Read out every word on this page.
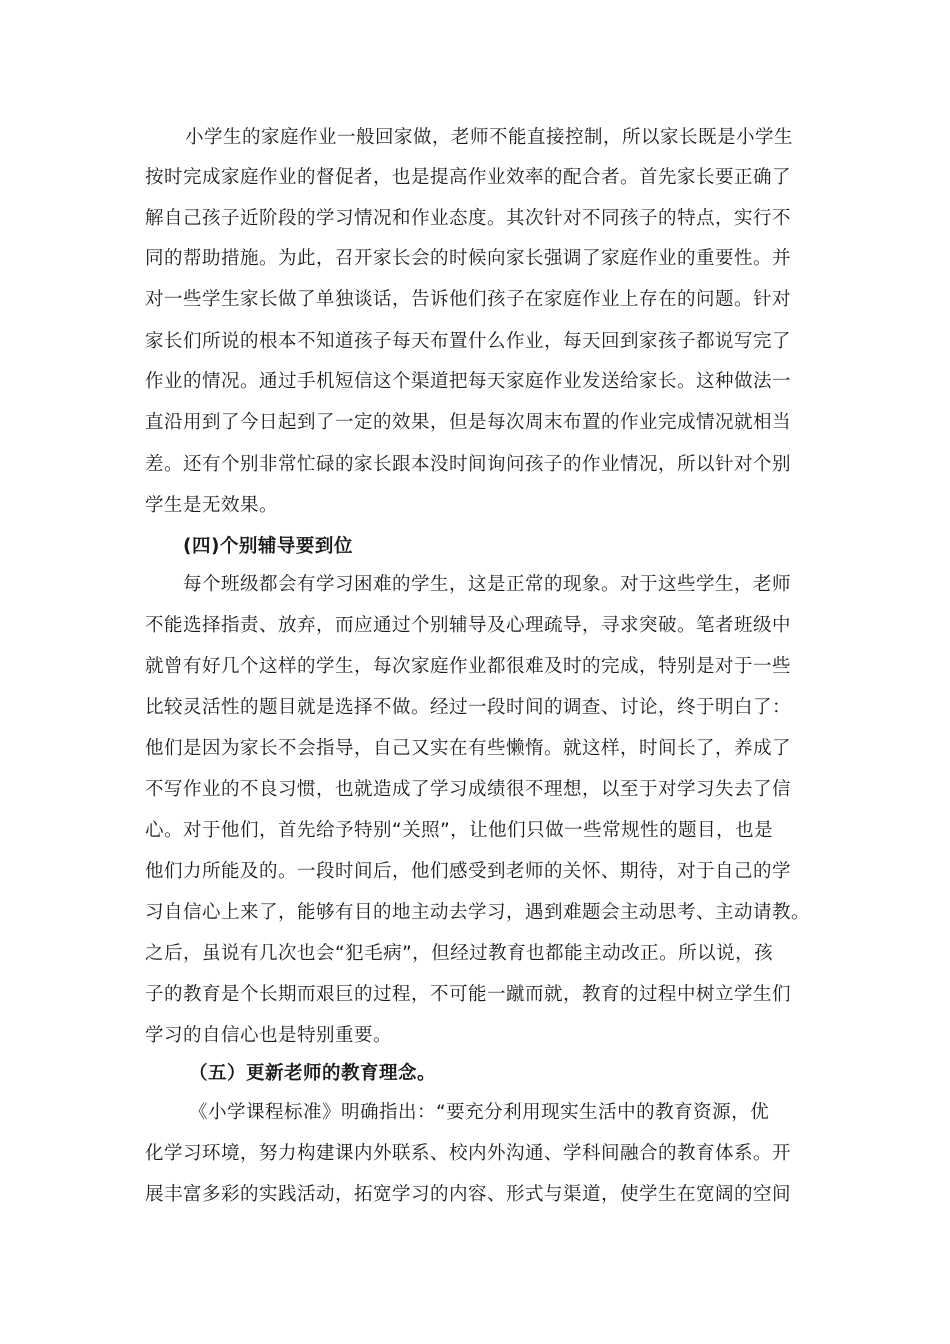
小学生的家庭作业一般回家做，老师不能直接控制，所以家长既是小学生
按时完成家庭作业的督促者，也是提高作业效率的配合者。首先家长要正确了
解自己孩子近阶段的学习情况和作业态度。其次针对不同孩子的特点，实行不
同的帮助措施。为此，召开家长会的时候向家长强调了家庭作业的重要性。并
对一些学生家长做了单独谈话，告诉他们孩子在家庭作业上存在的问题。针对
家长们所说的根本不知道孩子每天布置什么作业，每天回到家孩子都说写完了
作业的情况。通过手机短信这个渠道把每天家庭作业发送给家长。这种做法一
直沿用到了今日起到了一定的效果，但是每次周末布置的作业完成情况就相当
差。还有个别非常忙碌的家长跟本没时间询问孩子的作业情况，所以针对个别
学生是无效果。
(四)个别辅导要到位
每个班级都会有学习困难的学生，这是正常的现象。对于这些学生，老师
不能选择指责、放弃，而应通过个别辅导及心理疏导，寻求突破。笔者班级中
就曾有好几个这样的学生，每次家庭作业都很难及时的完成，特别是对于一些
比较灵活性的题目就是选择不做。经过一段时间的调查、讨论，终于明白了：
他们是因为家长不会指导，自己又实在有些懒惰。就这样，时间长了，养成了
不写作业的不良习惯，也就造成了学习成绩很不理想，以至于对学习失去了信
心。对于他们，首先给予特别“关照”，让他们只做一些常规性的题目，也是
他们力所能及的。一段时间后，他们感受到老师的关怀、期待，对于自己的学
习自信心上来了，能够有目的地主动去学习，遇到难题会主动思考、主动请教。
之后，虽说有几次也会“犯毛病”，但经过教育也都能主动改正。所以说，孩
子的教育是个长期而艰巨的过程，不可能一蹴而就，教育的过程中树立学生们
学习的自信心也是特别重要。
（五）更新老师的教育理念。
《小学课程标准》明确指出：“要充分利用现实生活中的教育资源，优
化学习环境，努力构建课内外联系、校内外沟通、学科间融合的教育体系。开
展丰富多彩的实践活动，拓宽学习的内容、形式与渠道，使学生在宽阔的空间
